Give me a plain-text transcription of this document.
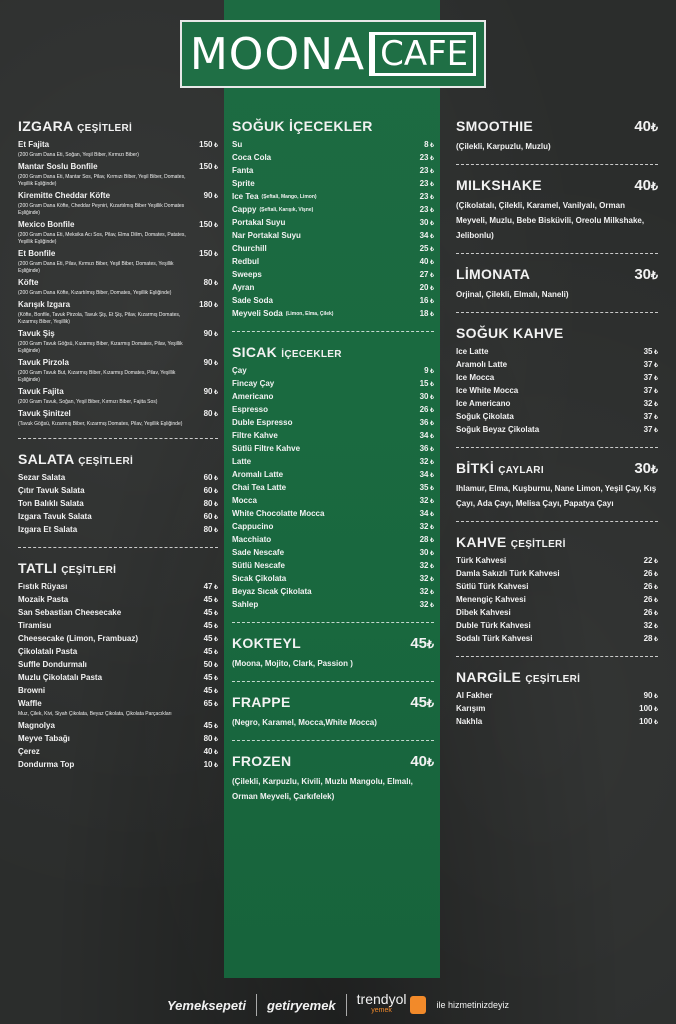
MOONA CAFE
IZGARA ÇEŞİTLERİ
Et Fajita	150 ₺
(200 Gram Dana Eti, Soğan, Yeşil Biber, Kırmızı Biber)
Mantar Soslu Bonfile	150 ₺
(200 Gram Dana Eti, Mantar Sos, Pilav, Kırmızı Biber, Yeşil Biber, Domates, Yeşillik Eşliğinde)
Kiremitte Cheddar Köfte	90 ₺
(200 Gram Dana Köfte, Cheddar Peyniri, Kızartılmış Biber Yeşillik Domates Eşliğinde)
Mexico Bonfile	150 ₺
(200 Gram Dana Eti, Meksika Acı Sos, Pilav, Elma Dilim, Domates, Patates, Yeşillik Eşliğinde)
Et Bonfile	150 ₺
(200 Gram Dana Eti, Pilav, Kırmızı Biber, Yeşil Biber, Domates, Yeşillik Eşliğinde)
Köfte	80 ₺
(200 Gram Dana Köfte, Kızartılmış Biber, Domates, Yeşillik Eşliğinde)
Karışık Izgara	180 ₺
(Köfte, Bonfile, Tavuk Pirzola, Tavuk Şiş, Et Şiş, Pilav, Kızarmış Domates, Kızarmış Biber, Yeşillik)
Tavuk Şiş	90 ₺
(200 Gram Tavuk Göğsü, Kızarmış Biber, Kızarmış Domates, Pilav, Yeşillik Eşliğinde)
Tavuk Pirzola	90 ₺
(200 Gram Tavuk But, Kızarmış Biber, Kızarmış Domates, Pilav, Yeşillik Eşliğinde)
Tavuk Fajita	90 ₺
(200 Gram Tavuk, Soğan, Yeşil Biber, Kırmızı Biber, Fajita Sos)
Tavuk Şinitzel	80 ₺
(Tavuk Göğsü, Kızarmış Biber, Kızarmış Domates, Pilav, Yeşillik Eşliğinde)
SALATA ÇEŞİTLERİ
Sezar Salata	60 ₺
Çıtır Tavuk Salata	60 ₺
Ton Balıklı Salata	80 ₺
Izgara Tavuk Salata	60 ₺
Izgara Et Salata	80 ₺
TATLI ÇEŞİTLERİ
Fıstık Rüyası	47 ₺
Mozaik Pasta	45 ₺
San Sebastian Cheesecake	45 ₺
Tiramisu	45 ₺
Cheesecake (Limon, Frambuaz)	45 ₺
Çikolatalı Pasta	45 ₺
Suffle Dondurmalı	50 ₺
Muzlu Çikolatalı Pasta	45 ₺
Browni	45 ₺
Waffle	65 ₺
Muz, Çilek, Kivi, Siyah Çikolata, Beyaz Çikolata, Çikolata Parçacıkları
Magnolya	45 ₺
Meyve Tabağı	80 ₺
Çerez	40 ₺
Dondurma Top	10 ₺
SOĞUK İÇECEKLER
Su	8 ₺
Coca Cola	23 ₺
Fanta	23 ₺
Sprite	23 ₺
Ice Tea (Şeftali, Mango, Limon)	23 ₺
Cappy (Şeftali, Karışık, Vişne)	23 ₺
Portakal Suyu	30 ₺
Nar Portakal Suyu	34 ₺
Churchill	25 ₺
Redbul	40 ₺
Sweeps	27 ₺
Ayran	20 ₺
Sade Soda	16 ₺
Meyveli Soda (Limon, Elma, Çilek)	18 ₺
SICAK İÇECEKLER
Çay	9 ₺
Fincay Çay	15 ₺
Americano	30 ₺
Espresso	26 ₺
Duble Espresso	36 ₺
Filtre Kahve	34 ₺
Sütlü Filtre Kahve	36 ₺
Latte	32 ₺
Aromalı Latte	34 ₺
Chai Tea Latte	35 ₺
Mocca	32 ₺
White Chocolatte Mocca	34 ₺
Cappucino	32 ₺
Macchiato	28 ₺
Sade Nescafe	30 ₺
Sütlü Nescafe	32 ₺
Sıcak Çikolata	32 ₺
Beyaz Sıcak Çikolata	32 ₺
Sahlep	32 ₺
KOKTEYL	45 ₺
(Moona, Mojito, Clark, Passion )
FRAPPE	45 ₺
(Negro, Karamel, Mocca,White Mocca)
FROZEN	40 ₺
(Çilekli, Karpuzlu, Kivili, Muzlu Mangolu, Elmalı, Orman Meyveli, Çarkıfelek)
SMOOTHIE	40 ₺
(Çilekli, Karpuzlu, Muzlu)
MILKSHAKE	40 ₺
(Çikolatalı, Çilekli, Karamel, Vanilyalı, Orman Meyveli, Muzlu, Bebe Bisküvili, Oreolu Milkshake, Jelibonlu)
LİMONATA	30 ₺
Orjinal, Çilekli, Elmalı, Naneli)
SOĞUK KAHVE
Ice Latte	35 ₺
Aramolı Latte	37 ₺
Ice Mocca	37 ₺
Ice White Mocca	37 ₺
Ice Americano	32 ₺
Soğuk Çikolata	37 ₺
Soğuk Beyaz Çikolata	37 ₺
BİTKİ ÇAYLARI	30 ₺
Ihlamur, Elma, Kuşburnu, Nane Limon, Yeşil Çay, Kış Çayı, Ada Çayı, Melisa Çayı, Papatya Çayı
KAHVE ÇEŞİTLERİ
Türk Kahvesi	22 ₺
Damla Sakızlı Türk Kahvesi	26 ₺
Sütlü Türk Kahvesi	26 ₺
Menengiç Kahvesi	26 ₺
Dibek Kahvesi	26 ₺
Duble Türk Kahvesi	32 ₺
Sodalı Türk Kahvesi	28 ₺
NARGİLE ÇEŞİTLERİ
Al Fakher	90 ₺
Karışım	100 ₺
Nakhla	100 ₺
Yemeksepeti getiryemek trendyol
yemek
ile hizmetinizdeyiz
